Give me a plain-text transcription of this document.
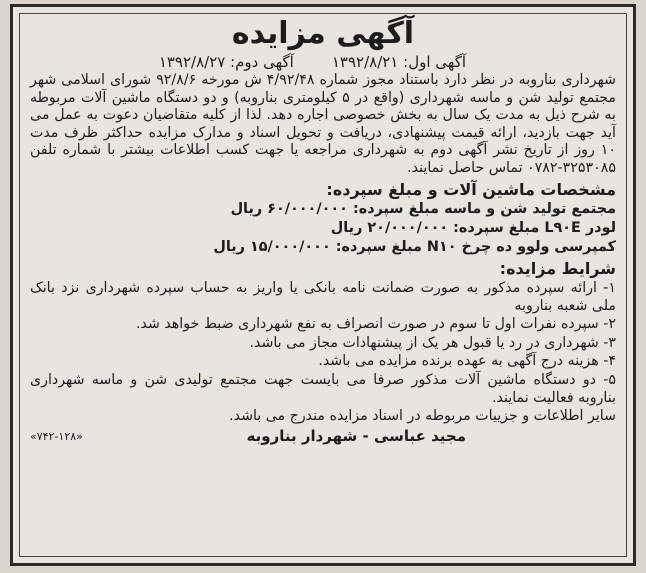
آگهی مزایده
آگهی اول: ۱۳۹۲/۸/۲۱
آگهی دوم: ۱۳۹۲/۸/۲۷

شهرداری بناروبه در نظر دارد باستناد مجوز شماره ۴/۹۲/۴۸ ش مورخه ۹۲/۸/۶ شورای اسلامی شهر مجتمع تولید شن و ماسه شهرداری (واقع در ۵ کیلومتری بناروبه) و دو دستگاه ماشین آلات مربوطه به شرح ذیل به مدت یک سال به بخش خصوصی اجاره دهد. لذا از کلیه متقاضیان دعوت به عمل می آید جهت بازدید، ارائه قیمت پیشنهادی، دریافت و تحویل اسناد و مدارک مزایده حداکثر ظرف مدت ۱۰ روز از تاریخ نشر آگهی دوم به شهرداری مراجعه یا جهت کسب اطلاعات بیشتر با شماره تلفن ۳۲۵۳۰۸۵-۰۷۸۲ تماس حاصل نمایند.

مشخصات ماشین آلات و مبلغ سپرده:

مجتمع تولید شن و ماسه مبلغ سپرده: ۶۰/۰۰۰/۰۰۰ ریال

لودر L۹۰E مبلغ سپرده: ۲۰/۰۰۰/۰۰۰ ریال

کمپرسی ولوو ده چرخ N۱۰ مبلغ سپرده: ۱۵/۰۰۰/۰۰۰ ریال

شرایط مزایده:

۱- ارائه سپرده مذکور به صورت ضمانت نامه بانکی یا واریز به حساب سپرده شهرداری نزد بانک ملی شعبه بناروبه

۲- سپرده نفرات اول تا سوم در صورت انصراف به نفع شهرداری ضبط خواهد شد.

۳- شهرداری در رد یا قبول هر یک از پیشنهادات مجاز می باشد.

۴- هزینه درج آگهی به عهده برنده مزایده می باشد.

۵- دو دستگاه ماشین آلات مذکور صرفا می بایست جهت مجتمع تولیدی شن و ماسه شهرداری بناروبه فعالیت نمایند.

سایر اطلاعات و جزییات مربوطه در اسناد مزایده مندرج می باشد.

مجید عباسی - شهردار بناروبه
«۷۴۲-۱۲۸»
